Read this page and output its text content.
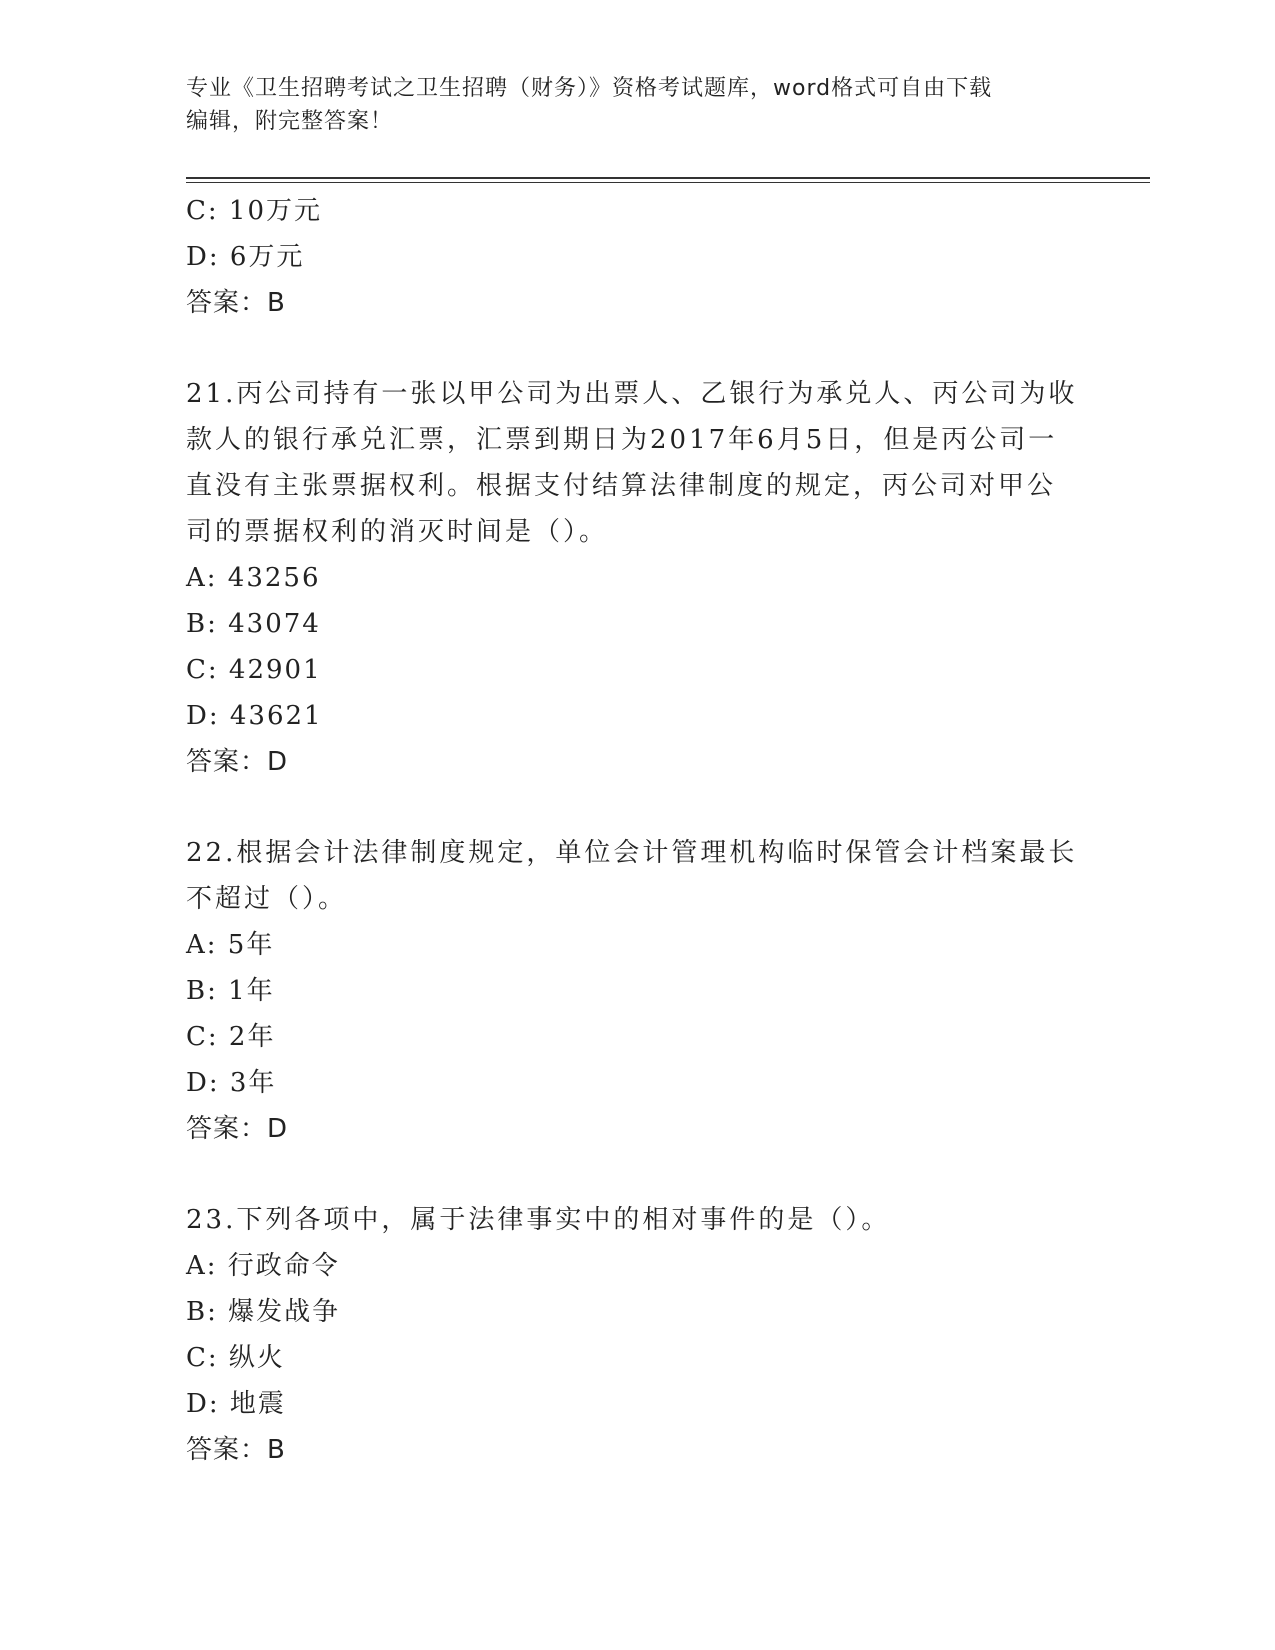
专业《卫生招聘考试之卫生招聘（财务）》资格考试题库，word格式可自由下载
编辑，附完整答案！
C: 10万元
D: 6万元
答案：B
21.丙公司持有一张以甲公司为出票人、乙银行为承兑人、丙公司为收
款人的银行承兑汇票，汇票到期日为2017年6月5日，但是丙公司一
直没有主张票据权利。根据支付结算法律制度的规定，丙公司对甲公
司的票据权利的消灭时间是（）。
A: 43256
B: 43074
C: 42901
D: 43621
答案：D
22.根据会计法律制度规定，单位会计管理机构临时保管会计档案最长
不超过（）。
A: 5年
B: 1年
C: 2年
D: 3年
答案：D
23.下列各项中，属于法律事实中的相对事件的是（）。
A: 行政命令
B: 爆发战争
C: 纵火
D: 地震
答案：B
